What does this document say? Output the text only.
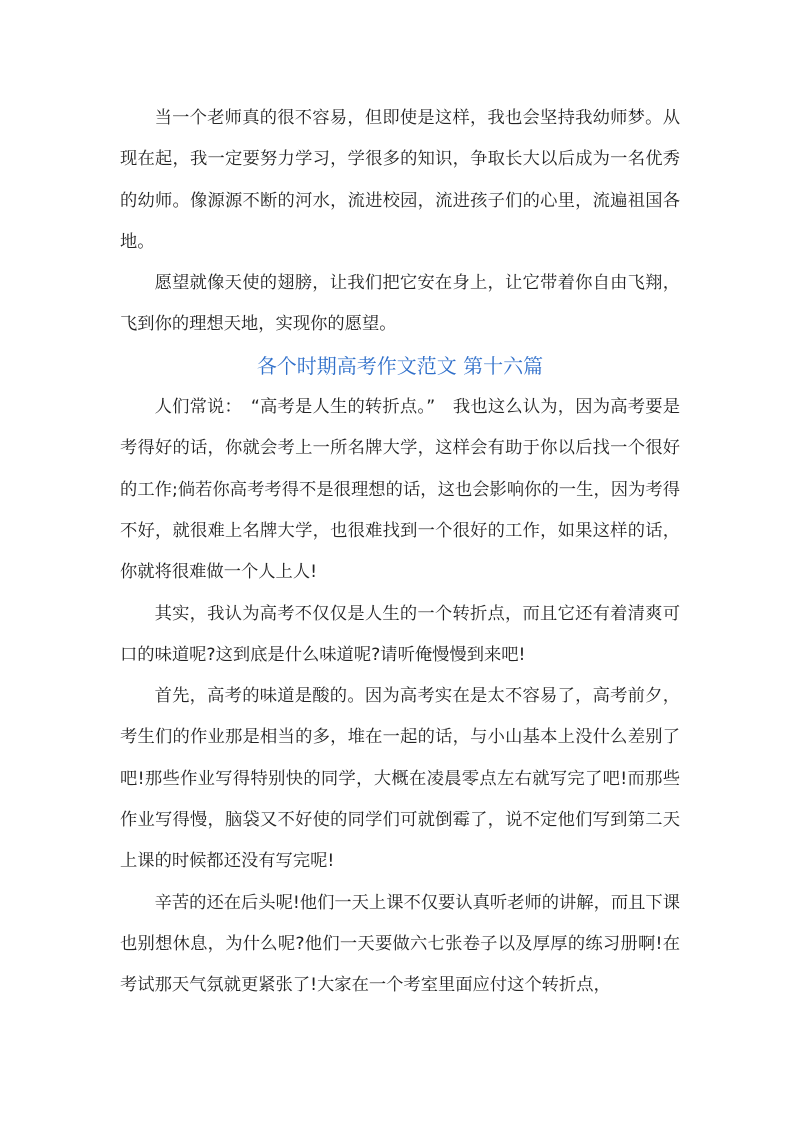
当一个老师真的很不容易，但即使是这样，我也会坚持我幼师梦。从现在起，我一定要努力学习，学很多的知识，争取长大以后成为一名优秀的幼师。像源源不断的河水，流进校园，流进孩子们的心里，流遍祖国各地。

愿望就像天使的翅膀，让我们把它安在身上，让它带着你自由飞翔，飞到你的理想天地，实现你的愿望。

各个时期高考作文范文 第十六篇

人们常说：　“高考是人生的转折点。”　我也这么认为，因为高考要是考得好的话，你就会考上一所名牌大学，这样会有助于你以后找一个很好的工作;倘若你高考考得不是很理想的话，这也会影响你的一生，因为考得不好，就很难上名牌大学，也很难找到一个很好的工作，如果这样的话，你就将很难做一个人上人!

其实，我认为高考不仅仅是人生的一个转折点，而且它还有着清爽可口的味道呢?这到底是什么味道呢?请听俺慢慢到来吧!

首先，高考的味道是酸的。因为高考实在是太不容易了，高考前夕，考生们的作业那是相当的多，堆在一起的话，与小山基本上没什么差别了吧!那些作业写得特别快的同学，大概在凌晨零点左右就写完了吧!而那些作业写得慢，脑袋又不好使的同学们可就倒霉了，说不定他们写到第二天上课的时候都还没有写完呢!

辛苦的还在后头呢!他们一天上课不仅要认真听老师的讲解，而且下课也别想休息，为什么呢?他们一天要做六七张卷子以及厚厚的练习册啊!在考试那天气氛就更紧张了!大家在一个考室里面应付这个转折点，
